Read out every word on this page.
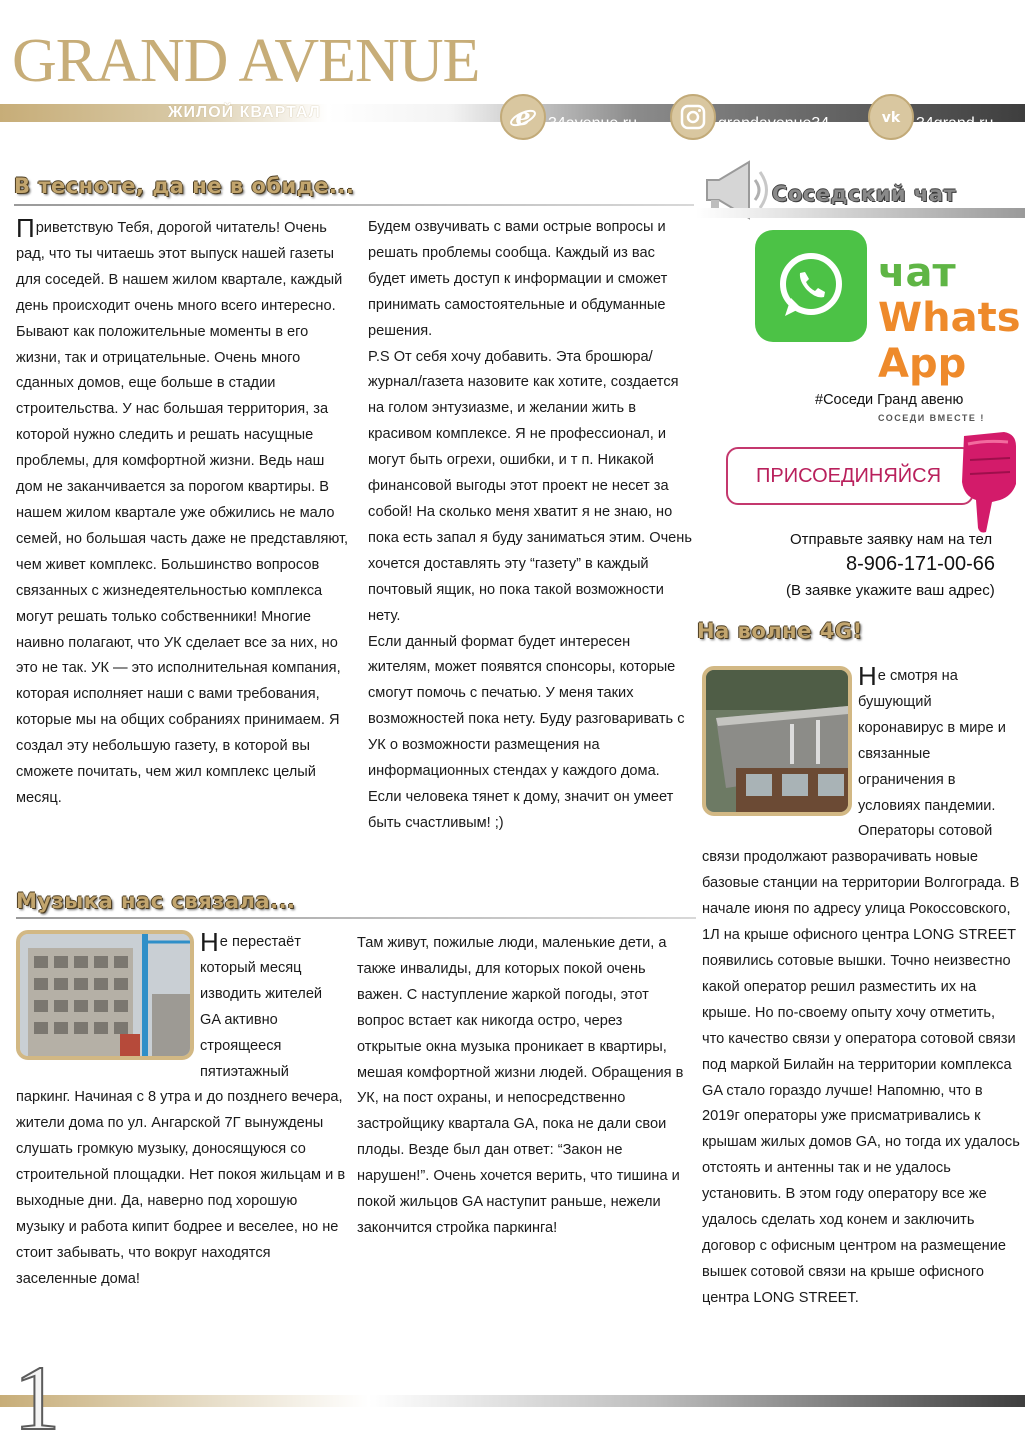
GRAND AVENUE
ЖИЛОЙ КВАРТАЛ	e 34avenue.ru	grandavenue34	vk 34grand.ru
В тесноте, да не в обиде...

Приветствую Тебя, дорогой читатель! Очень рад, что ты читаешь этот выпуск нашей газеты для соседей. В нашем жилом квартале, каждый день происходит очень много всего интересно. Бывают как положительные моменты в его жизни, так и отрицательные. Очень много сданных домов, еще больше в стадии строительства. У нас большая территория, за которой нужно следить и решать насущные проблемы, для комфортной жизни. Ведь наш дом не заканчивается за порогом квартиры. В нашем жилом квартале уже обжились не мало семей, но большая часть даже не представляют, чем живет комплекс. Большинство вопросов связанных с жизнедеятельностью комплекса могут решать только собственники! Многие наивно полагают, что УК сделает все за них, но это не так. УК — это исполнительная компания, которая исполняет наши с вами требования, которые мы на общих собраниях принимаем. Я создал эту небольшую газету, в которой вы сможете почитать, чем жил комплекс целый месяц.

Будем озвучивать с вами острые вопросы и решать проблемы сообща. Каждый из вас будет иметь доступ к информации и сможет принимать самостоятельные и обдуманные решения.

P.S От себя хочу добавить. Эта брошюра/журнал/газета назовите как хотите, создается на голом энтузиазме, и желании жить в красивом комплексе. Я не профессионал, и могут быть огрехи, ошибки, и т п. Никакой финансовой выгоды этот проект не несет за собой! На сколько меня хватит я не знаю, но пока есть запал я буду заниматься этим. Очень хочется доставлять эту “газету” в каждый почтовый ящик, но пока такой возможности нету.

Если данный формат будет интересен жителям, может появятся спонсоры, которые смогут помочь с печатью. У меня таких возможностей пока нету. Буду разговаривать с УК о возможности размещения на информационных стендах у каждого дома.

Если человека тянет к дому, значит он умеет быть счастливым! ;)

Музыка нас связала...

Не перестаёт который месяц изводить жителей GA активно строящееся пятиэтажный паркинг. Начиная с 8 утра и до позднего вечера, жители дома по ул. Ангарской 7Г вынуждены слушать громкую музыку, доносящуюся со строительной площадки. Нет покоя жильцам и в выходные дни. Да, наверно под хорошую музыку и работа кипит бодрее и веселее, но не стоит забывать, что вокруг находятся заселенные дома!

Там живут, пожилые люди, маленькие дети, а также инвалиды, для которых покой очень важен. С наступление жаркой погоды, этот вопрос встает как никогда остро, через открытые окна музыка проникает в квартиры, мешая комфортной жизни людей. Обращения в УК, на пост охраны, и непосредственно застройщику квартала GA, пока не дали свои плоды. Везде был дан ответ: “Закон не нарушен!”. Очень хочется верить, что тишина и покой жильцов GA наступит раньше, нежели закончится стройка паркинга!

Соседский чат
чат
Whats
App
#Соседи Гранд авеню
СОСЕДИ ВМЕСТЕ !
ПРИСОЕДИНЯЙСЯ
Отправьте заявку нам на тел
8-906-171-00-66
(В заявке укажите ваш адрес)
На волне 4G!

Не смотря на бушующий коронавирус в мире и связанные ограничения в условиях пандемии. Операторы сотовой связи продолжают разворачивать новые базовые станции на территории Волгограда. В начале июня по адресу улица Рокоссовского, 1Л на крыше офисного центра LONG STREET появились сотовые вышки. Точно неизвестно какой оператор решил разместить их на крыше. Но по-своему опыту хочу отметить, что качество связи у оператора сотовой связи под маркой Билайн на территории комплекса GA стало гораздо лучше! Напомню, что в 2019г операторы уже присматривались к крышам жилых домов GA, но тогда их удалось отстоять и антенны так и не удалось установить. В этом году оператору все же удалось сделать ход конем и заключить договор с офисным центром на размещение вышек сотовой связи на крыше офисного центра LONG STREET.

1
